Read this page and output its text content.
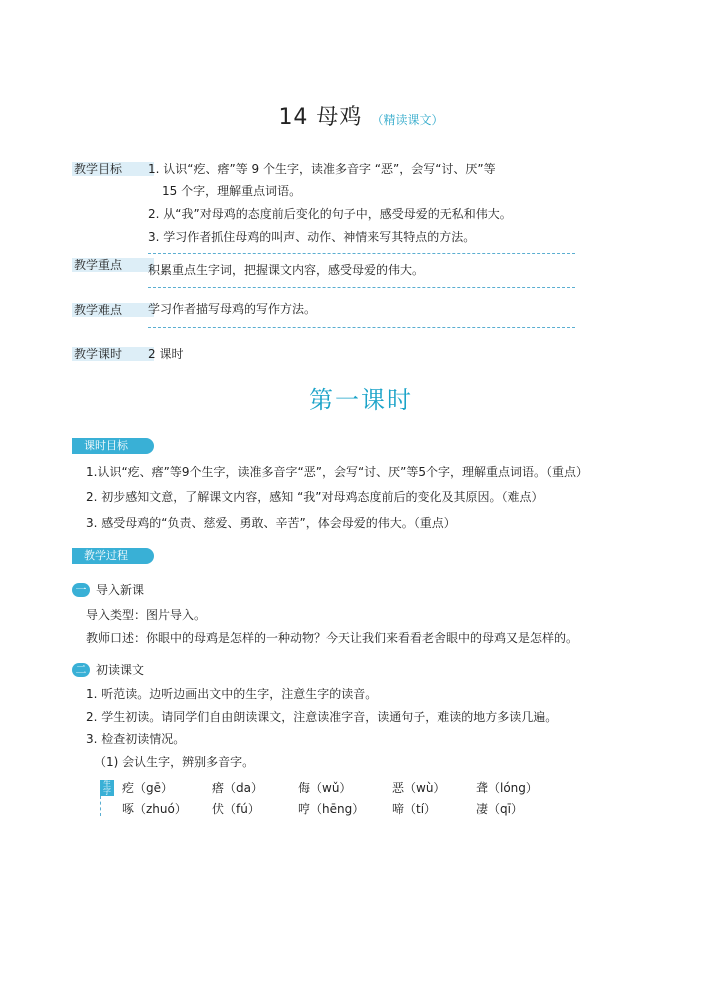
14 母鸡 （精读课文）
教学目标	1. 认识“疙、瘩”等 9 个生字，读准多音字 “恶”，会写“讨、厌”等
15 个字，理解重点词语。
2. 从“我”对母鸡的态度前后变化的句子中，感受母爱的无私和伟大。
3. 学习作者抓住母鸡的叫声、动作、神情来写其特点的方法。
教学重点	积累重点生字词，把握课文内容，感受母爱的伟大。
教学难点	学习作者描写母鸡的写作方法。
教学课时	2 课时
第一课时
课时目标
1.认识“疙、瘩”等9个生字，读准多音字“恶”，会写“讨、厌”等5个字，理解重点词语。（重点）
2. 初步感知文意，了解课文内容，感知 “我”对母鸡态度前后的变化及其原因。（难点）
3. 感受母鸡的“负责、慈爱、勇敢、辛苦”，体会母爱的伟大。（重点）
教学过程
一 导入新课
导入类型：图片导入。
教师口述：你眼中的母鸡是怎样的一种动物？今天让我们来看看老舍眼中的母鸡又是怎样的。
二 初读课文
1. 听范读。边听边画出文中的生字，注意生字的读音。
2. 学生初读。请同学们自由朗读课文，注意读准字音，读通句子，难读的地方多读几遍。
3. 检查初读情况。
（1) 会认生字，辨别多音字。
生字 疙（gē）	瘩（da）	侮（wǔ）	恶（wù）	聋（lóng）
啄（zhuó） 伏（fú）	哼（hēng） 啼（tí）	凄（qī）
